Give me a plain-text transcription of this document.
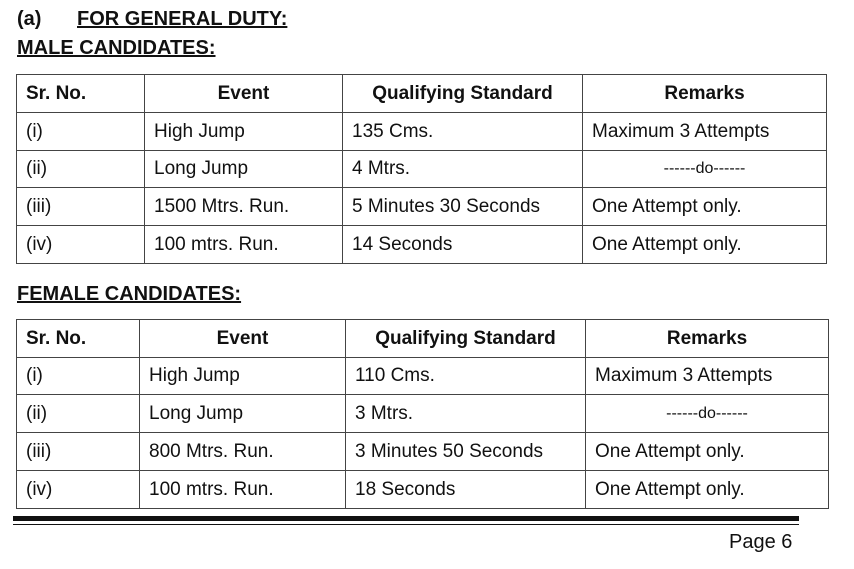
(a) FOR GENERAL DUTY:
MALE CANDIDATES:
Sr. No.	Event	Qualifying Standard	Remarks
(i)	High Jump	135 Cms.	Maximum 3 Attempts
(ii)	Long Jump	4 Mtrs.	------do------
(iii)	1500 Mtrs. Run.	5 Minutes 30 Seconds	One Attempt only.
(iv)	100 mtrs. Run.	14 Seconds	One Attempt only.
FEMALE CANDIDATES:
Sr. No.	Event	Qualifying Standard	Remarks
(i)	High Jump	110 Cms.	Maximum 3 Attempts
(ii)	Long Jump	3 Mtrs.	------do------
(iii)	800 Mtrs. Run.	3 Minutes 50 Seconds	One Attempt only.
(iv)	100 mtrs. Run.	18 Seconds	One Attempt only.
Page 6
